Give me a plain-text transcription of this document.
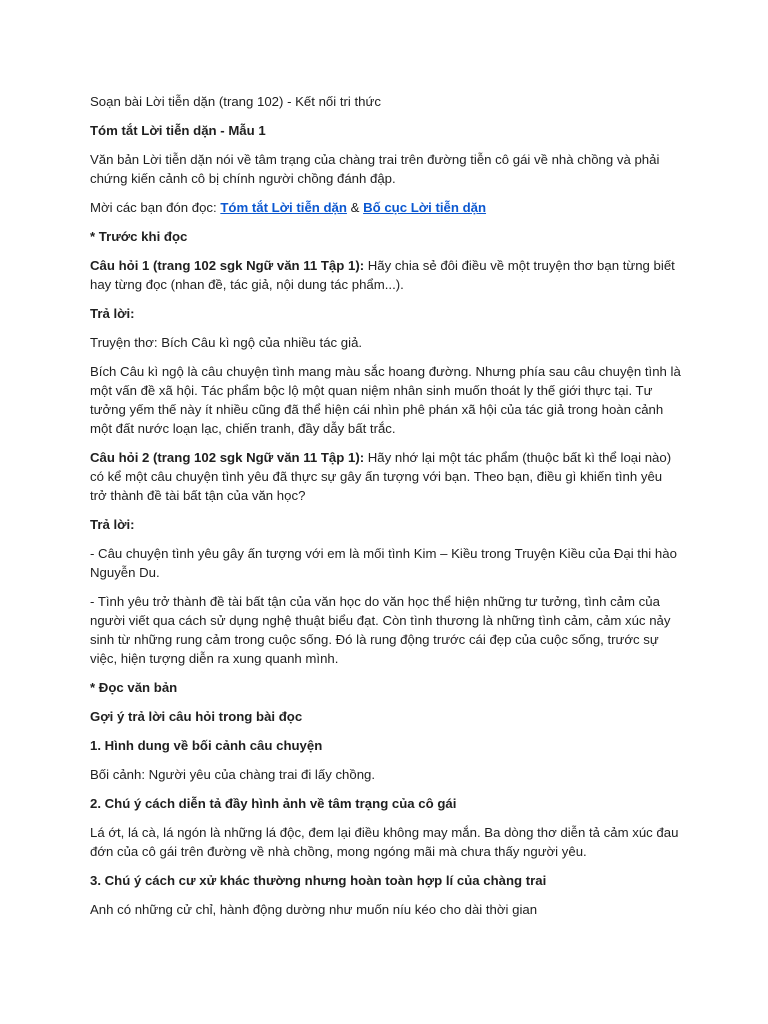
Soạn bài Lời tiễn dặn (trang 102) - Kết nối tri thức

Tóm tắt Lời tiễn dặn - Mẫu 1

Văn bản Lời tiễn dặn nói về tâm trạng của chàng trai trên đường tiễn cô gái về nhà chồng và phải chứng kiến cảnh cô bị chính người chồng đánh đập.

Mời các bạn đón đọc: Tóm tắt Lời tiễn dặn & Bố cục Lời tiễn dặn

* Trước khi đọc

Câu hỏi 1 (trang 102 sgk Ngữ văn 11 Tập 1): Hãy chia sẻ đôi điều về một truyện thơ bạn từng biết hay từng đọc (nhan đề, tác giả, nội dung tác phẩm...).

Trả lời:

Truyện thơ: Bích Câu kì ngộ của nhiều tác giả.

Bích Câu kì ngộ là câu chuyện tình mang màu sắc hoang đường. Nhưng phía sau câu chuyện tình là một vấn đề xã hội. Tác phẩm bộc lộ một quan niệm nhân sinh muốn thoát ly thế giới thực tại. Tư tưởng yếm thế này ít nhiều cũng đã thể hiện cái nhìn phê phán xã hội của tác giả trong hoàn cảnh một đất nước loạn lạc, chiến tranh, đầy dẫy bất trắc.

Câu hỏi 2 (trang 102 sgk Ngữ văn 11 Tập 1): Hãy nhớ lại một tác phẩm (thuộc bất kì thể loại nào) có kể một câu chuyện tình yêu đã thực sự gây ấn tượng với bạn. Theo bạn, điều gì khiến tình yêu trở thành đề tài bất tận của văn học?

Trả lời:

- Câu chuyện tình yêu gây ấn tượng với em là mối tình Kim – Kiều trong Truyện Kiều của Đại thi hào Nguyễn Du.

- Tình yêu trở thành đề tài bất tận của văn học do văn học thể hiện những tư tưởng, tình cảm của người viết qua cách sử dụng nghệ thuật biểu đạt. Còn tình thương là những tình cảm, cảm xúc nảy sinh từ những rung cảm trong cuộc sống. Đó là rung động trước cái đẹp của cuộc sống, trước sự việc, hiện tượng diễn ra xung quanh mình.

* Đọc văn bản

Gợi ý trả lời câu hỏi trong bài đọc

1. Hình dung về bối cảnh câu chuyện

Bối cảnh: Người yêu của chàng trai đi lấy chồng.

2. Chú ý cách diễn tả đầy hình ảnh về tâm trạng của cô gái

Lá ớt, lá cà, lá ngón là những lá độc, đem lại điều không may mắn. Ba dòng thơ diễn tả cảm xúc đau đớn của cô gái trên đường về nhà chồng, mong ngóng mãi mà chưa thấy người yêu.

3. Chú ý cách cư xử khác thường nhưng hoàn toàn hợp lí của chàng trai

Anh có những cử chỉ, hành động dường như muốn níu kéo cho dài thời gian
